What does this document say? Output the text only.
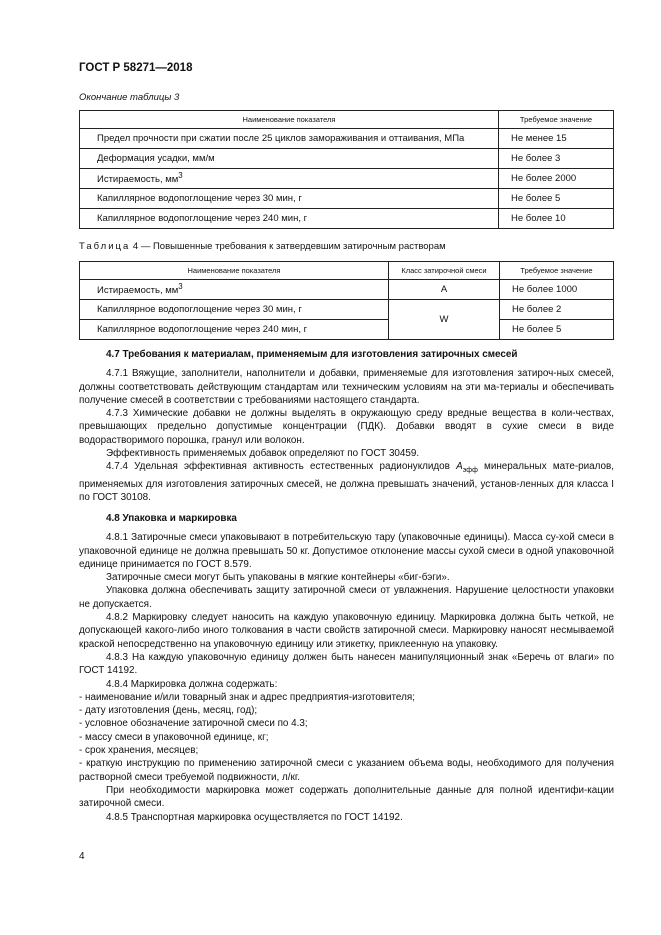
ГОСТ Р 58271—2018
Окончание таблицы 3
Наименование показателя	Требуемое значение
Предел прочности при сжатии после 25 циклов замораживания и оттаивания, МПа	Не менее 15
Деформация усадки, мм/м	Не более 3
Истираемость, $мм^3$	Не более 2000
Капиллярное водопоглощение через 30 мин, г	Не более 5
Капиллярное водопоглощение через 240 мин, г	Не более 10
Таблица 4 — Повышенные требования к затвердевшим затирочным растворам
Наименование показателя	Класс затирочной смеси	Требуемое значение
Истираемость, $мм^3$	A	Не более 1000
Капиллярное водопоглощение через 30 мин, г	W	Не более 2
Капиллярное водопоглощение через 240 мин, г		Не более 5

4.7 Требования к материалам, применяемым для изготовления затирочных смесей

4.7.1 Вяжущие, заполнители, наполнители и добавки, применяемые для изготовления затироч-ных смесей, должны соответствовать действующим стандартам или техническим условиям на эти ма-териалы и обеспечивать получение смесей в соответствии с требованиями настоящего стандарта.

4.7.3 Химические добавки не должны выделять в окружающую среду вредные вещества в коли-чествах, превышающих предельно допустимые концентрации (ПДК). Добавки вводят в сухие смеси в виде водорастворимого порошка, гранул или волокон.

Эффективность применяемых добавок определяют по ГОСТ 30459.

4.7.4 Удельная эффективная активность естественных радионуклидов $A_{эфф}$ минеральных мате-риалов, применяемых для изготовления затирочных смесей, не должна превышать значений, установ-ленных для класса I по ГОСТ 30108.

4.8 Упаковка и маркировка

4.8.1 Затирочные смеси упаковывают в потребительскую тару (упаковочные единицы). Масса су-хой смеси в упаковочной единице не должна превышать 50 кг. Допустимое отклонение массы сухой смеси в одной упаковочной единице принимается по ГОСТ 8.579.

Затирочные смеси могут быть упакованы в мягкие контейнеры «биг-бэги».

Упаковка должна обеспечивать защиту затирочной смеси от увлажнения. Нарушение целостности упаковки не допускается.

4.8.2 Маркировку следует наносить на каждую упаковочную единицу. Маркировка должна быть четкой, не допускающей какого-либо иного толкования в части свойств затирочной смеси. Маркировку наносят несмываемой краской непосредственно на упаковочную единицу или этикетку, приклеенную на упаковку.

4.8.3 На каждую упаковочную единицу должен быть нанесен манипуляционный знак «Беречь от влаги» по ГОСТ 14192.

4.8.4 Маркировка должна содержать:

- наименование и/или товарный знак и адрес предприятия-изготовителя;

- дату изготовления (день, месяц, год);

- условное обозначение затирочной смеси по 4.3;

- массу смеси в упаковочной единице, кг;

- срок хранения, месяцев;

- краткую инструкцию по применению затирочной смеси с указанием объема воды, необходимого для получения растворной смеси требуемой подвижности, л/кг.

При необходимости маркировка может содержать дополнительные данные для полной идентифи-кации затирочной смеси.

4.8.5 Транспортная маркировка осуществляется по ГОСТ 14192.

4
